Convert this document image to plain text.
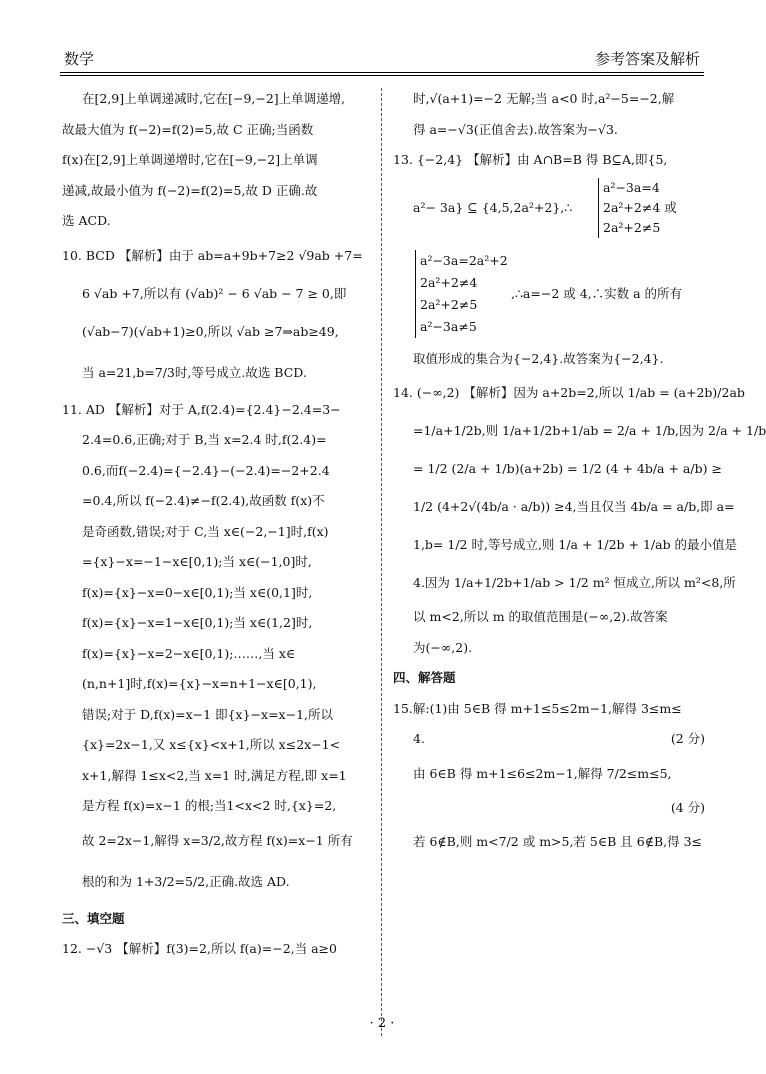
数学	参考答案及解析
在[2,9]上单调递减时,它在[−9,−2]上单调递增,
故最大值为 f(−2)=f(2)=5,故 C 正确;当函数
f(x)在[2,9]上单调递增时,它在[−9,−2]上单调
递减,故最小值为 f(−2)=f(2)=5,故 D 正确.故
选 ACD.
10. BCD 【解析】由于 ab=a+9b+7≥2 √9ab +7=
6 √ab +7,所以有 (√ab)² − 6 √ab − 7 ≥ 0,即
(√ab−7)(√ab+1)≥0,所以 √ab ≥7⇒ab≥49,
当 a=21,b=7/3时,等号成立.故选 BCD.
11. AD 【解析】对于 A,f(2.4)={2.4}−2.4=3−
2.4=0.6,正确;对于 B,当 x=2.4 时,f(2.4)=
0.6,而f(−2.4)={−2.4}−(−2.4)=−2+2.4
=0.4,所以 f(−2.4)≠−f(2.4),故函数 f(x)不
是奇函数,错误;对于 C,当 x∈(−2,−1]时,f(x)
={x}−x=−1−x∈[0,1);当 x∈(−1,0]时,
f(x)={x}−x=0−x∈[0,1);当 x∈(0,1]时,
f(x)={x}−x=1−x∈[0,1);当 x∈(1,2]时,
f(x)={x}−x=2−x∈[0,1);……,当 x∈
(n,n+1]时,f(x)={x}−x=n+1−x∈[0,1),
错误;对于 D,f(x)=x−1 即{x}−x=x−1,所以
{x}=2x−1,又 x≤{x}<x+1,所以 x≤2x−1<
x+1,解得 1≤x<2,当 x=1 时,满足方程,即 x=1
是方程 f(x)=x−1 的根;当1<x<2 时,{x}=2,
故 2=2x−1,解得 x=3/2,故方程 f(x)=x−1 所有
根的和为 1+3/2=5/2,正确.故选 AD.
三、填空题
12. −√3 【解析】f(3)=2,所以 f(a)=−2,当 a≥0
时,√(a+1)=−2 无解;当 a<0 时,a²−5=−2,解
得 a=−√3(正值舍去).故答案为−√3.
13. {−2,4} 【解析】由 A∩B=B 得 B⊆A,即{5,
a²− 3a} ⊆ {4,5,2a²+2},∴
a²−3a=4
2a²+2≠4 或
2a²+2≠5
a²−3a=2a²+2
2a²+2≠4
2a²+2≠5
a²−3a≠5
,∴a=−2 或 4,∴实数 a 的所有
取值形成的集合为{−2,4}.故答案为{−2,4}.
14. (−∞,2) 【解析】因为 a+2b=2,所以 1/ab = (a+2b)/2ab
=1/a+1/2b,则 1/a+1/2b+1/ab = 2/a + 1/b,因为 2/a + 1/b
= 1/2 (2/a + 1/b)(a+2b) = 1/2 (4 + 4b/a + a/b) ≥
1/2 (4+2√(4b/a · a/b)) ≥4,当且仅当 4b/a = a/b,即 a=
1,b= 1/2 时,等号成立,则 1/a + 1/2b + 1/ab 的最小值是
4.因为 1/a+1/2b+1/ab > 1/2 m² 恒成立,所以 m²<8,所
以 m<2,所以 m 的取值范围是(−∞,2).故答案
为(−∞,2).
四、解答题
15.解:(1)由 5∈B 得 m+1≤5≤2m−1,解得 3≤m≤
4.	(2 分)
由 6∈B 得 m+1≤6≤2m−1,解得 7/2≤m≤5,
(4 分)
若 6∉B,则 m<7/2 或 m>5,若 5∈B 且 6∉B,得 3≤
· 2 ·
